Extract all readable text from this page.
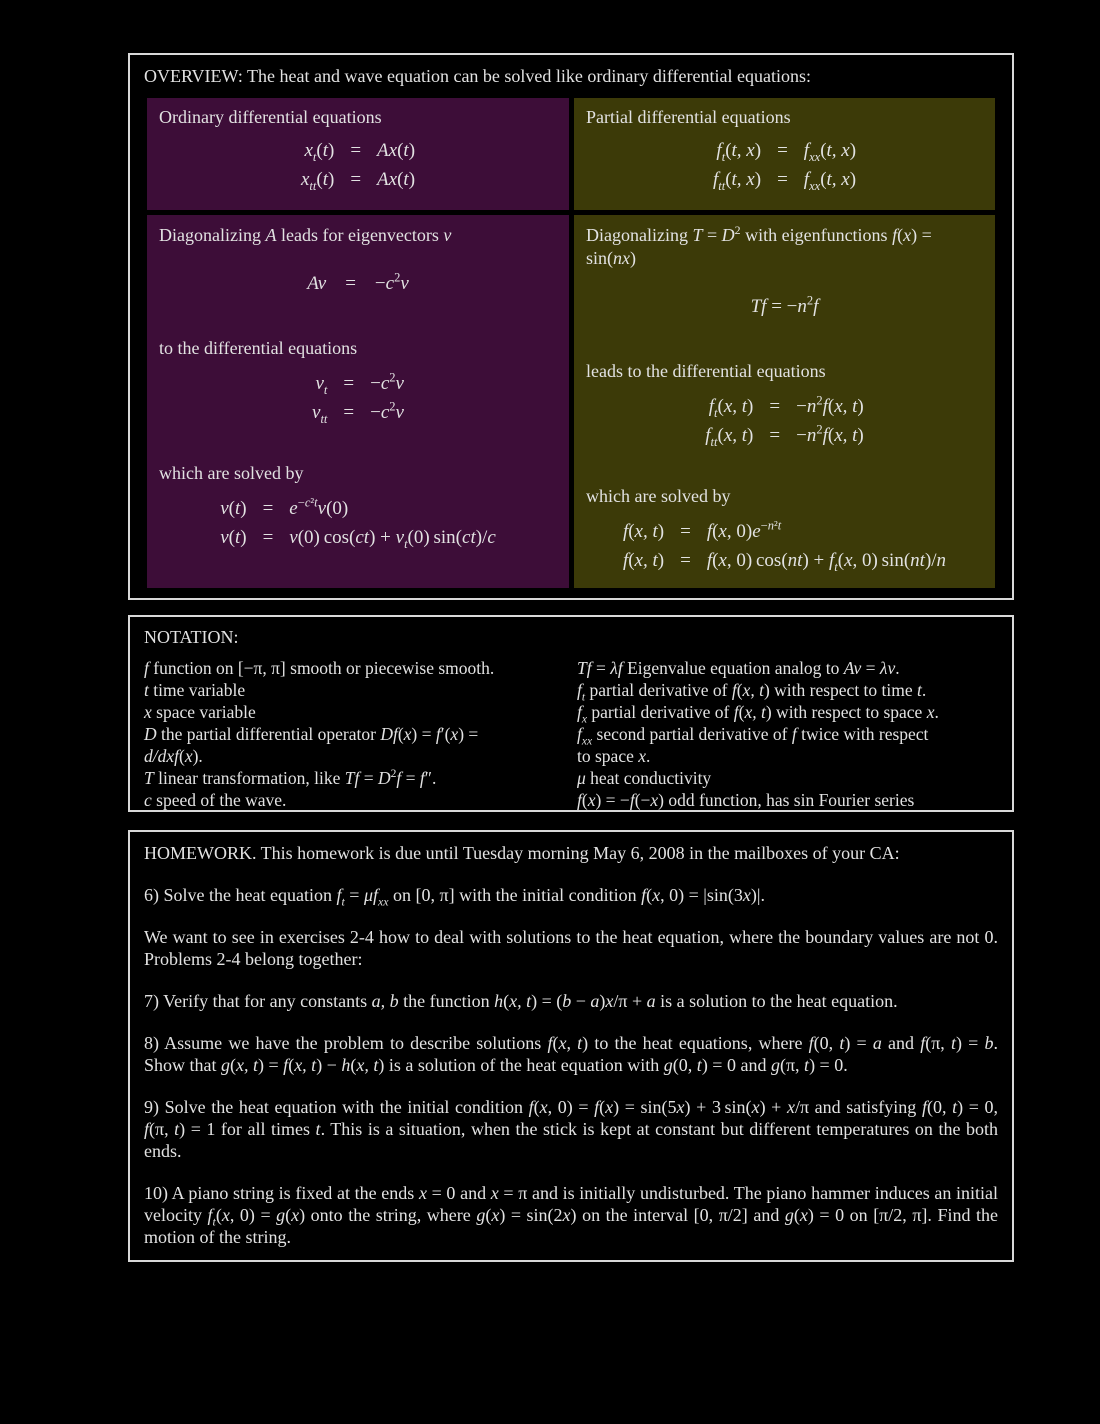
OVERVIEW: The heat and wave equation can be solved like ordinary differential equations:
Ordinary differential equations
$x_t(t) = Ax(t)$
$x_{tt}(t) = Ax(t)$
Diagonalizing A leads for eigenvectors v⃗
Av = $-c^2v$
to the differential equations
$v_t = -c^2v$
$v_{tt} = -c^2v$
which are solved by
$v(t) = e^{-c^2t}v(0)$
v(t) = v(0) $\cos(ct) + v_t(0)$ sin(ct)/c
Partial differential equations
$f_t(t$, $x) = f_{xx}(t$, x)
$f_{tt}(t$, $x) = f_{xx}(t$, x)
Diagonalizing $T = D^2$ with eigenfunctions f(x) = sin(nx)
$Tf = -n^2f$
leads to the differential equations
$f_t(x$, $t) = -n^2f(x$, t)
$f_{tt}(x$, $t) = -n^2f(x$, t)
which are solved by
f(x, t) = f(x, $0)e^{-n^2t}$
f(x, t) = f(x, 0) $\cos(nt) + f_t(x$, 0) sin(nt)/n
NOTATION:
f function on [−π, π] smooth or piecewise smooth.
t time variable
x space variable
D the partial differential operator Df(x) = f′(x) =
d/dxf(x).
T linear transformation, like $Tf = D^2f = f''$.
c speed of the wave.
Tf = λf Eigenvalue equation analog to Av = λv.
$f_t$ partial derivative of f(x, t) with respect to time t.
$f_x$ partial derivative of f(x, t) with respect to space x.
$f_{xx}$ second partial derivative of f twice with respect
to space x.
μ heat conductivity
f(x) = −f(−x) odd function, has sin Fourier series
HOMEWORK. This homework is due until Tuesday morning May 6, 2008 in the mailboxes of your CA:
6) Solve the heat equation $f_t = \mu f_{xx}$ on [0, π] with the initial condition f(x, 0) = |sin(3x)|.
We want to see in exercises 2-4 how to deal with solutions to the heat equation, where the boundary values are not 0. Problems 2-4 belong together:
7) Verify that for any constants a, b the function h(x, t) = (b − a)x/π + a is a solution to the heat equation.
8) Assume we have the problem to describe solutions f(x, t) to the heat equations, where f(0, t) = a and f(π, t) = b. Show that g(x, t) = f(x, t) − h(x, t) is a solution of the heat equation with g(0, t) = 0 and g(π, t) = 0.
9) Solve the heat equation with the initial condition f(x, 0) = f(x) = sin(5x) + 3 sin(x) + x/π and satisfying f(0, t) = 0, f(π, t) = 1 for all times t. This is a situation, when the stick is kept at constant but different temperatures on the both ends.
10) A piano string is fixed at the ends x = 0 and x = π and is initially undisturbed. The piano hammer induces an initial velocity $f_t(x$, 0) = g(x) onto the string, where g(x) = sin(2x) on the interval [0, π/2] and g(x) = 0 on [π/2, π]. Find the motion of the string.
